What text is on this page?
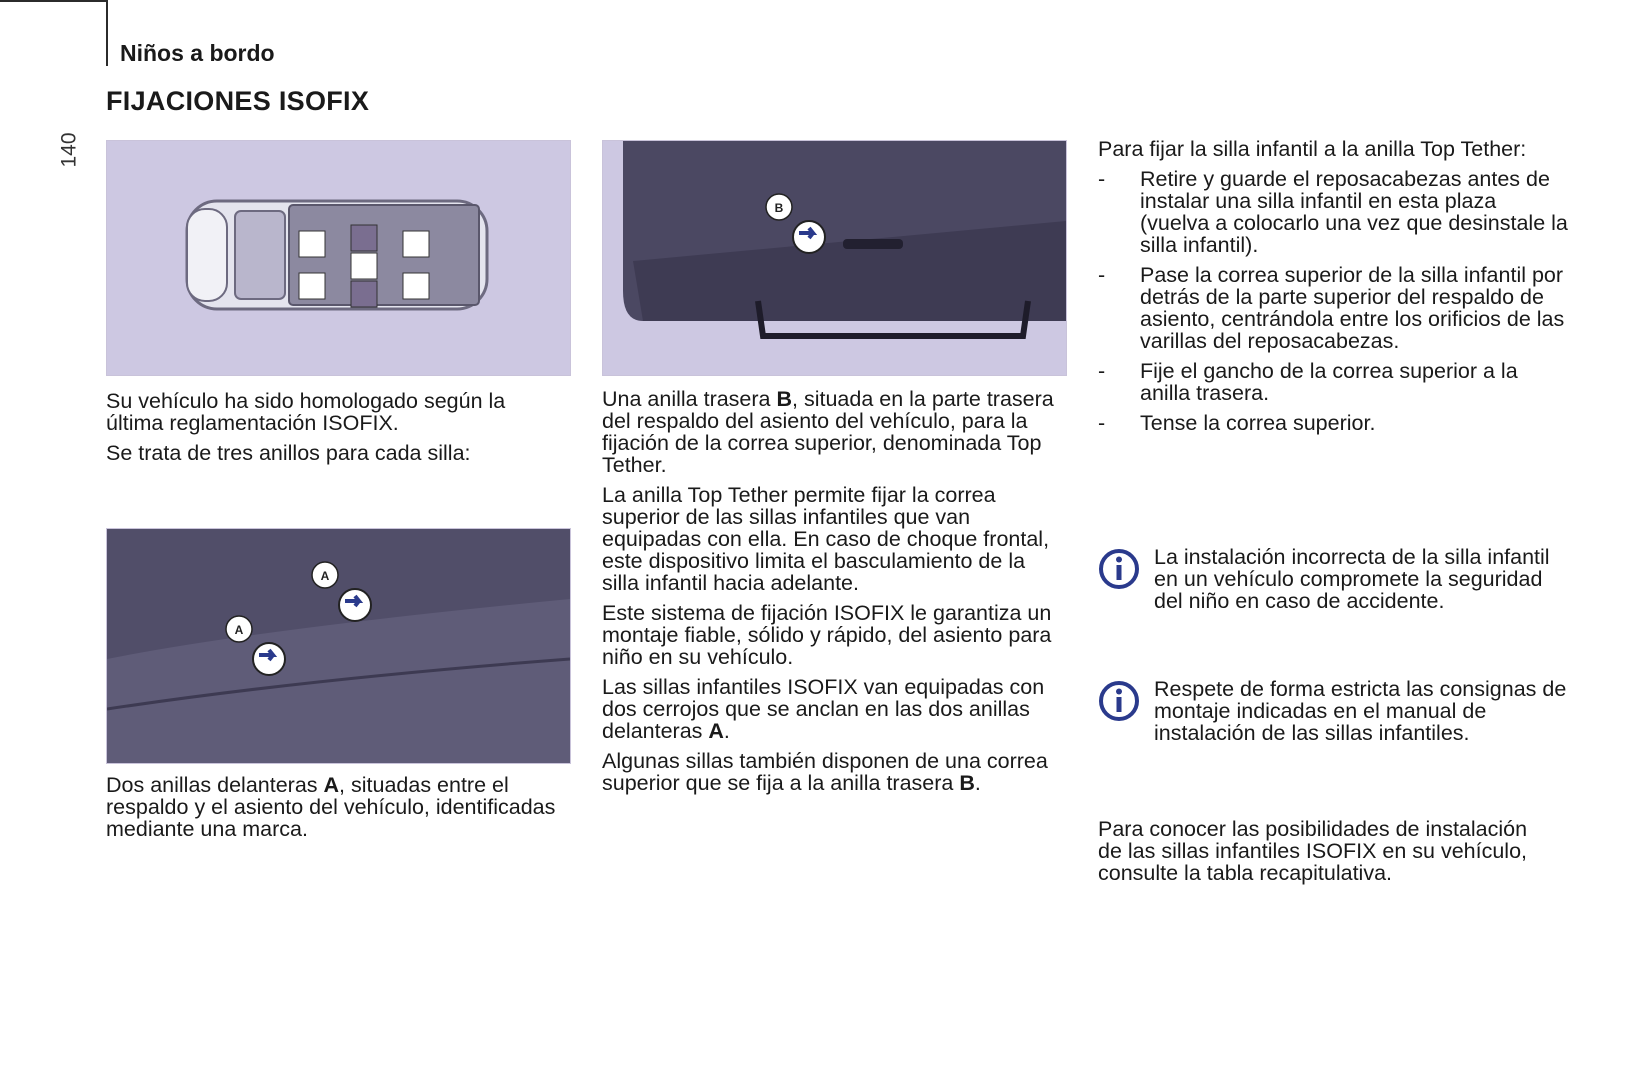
Niños a bordo
FIJACIONES ISOFIX
140
B
A
A

Su vehículo ha sido homologado según la última reglamentación ISOFIX.

Se trata de tres anillos para cada silla:

Dos anillas delanteras A, situadas entre el respaldo y el asiento del vehículo, identificadas mediante una marca.

Una anilla trasera B, situada en la parte trasera del respaldo del asiento del vehículo, para la fijación de la correa superior, denominada Top Tether.

La anilla Top Tether permite fijar la correa superior de las sillas infantiles que van equipadas con ella. En caso de choque frontal, este dispositivo limita el basculamiento de la silla infantil hacia adelante.

Este sistema de fijación ISOFIX le garantiza un montaje fiable, sólido y rápido, del asiento para niño en su vehículo.

Las sillas infantiles ISOFIX van equipadas con dos cerrojos que se anclan en las dos anillas delanteras A.

Algunas sillas también disponen de una correa superior que se fija a la anilla trasera B.

Para fijar la silla infantil a la anilla Top Tether:

- Retire y guarde el reposacabezas antes de instalar una silla infantil en esta plaza (vuelva a colocarlo una vez que desinstale la silla infantil).
- Pase la correa superior de la silla infantil por detrás de la parte superior del respaldo de asiento, centrándola entre los orificios de las varillas del reposacabezas.
- Fije el gancho de la correa superior a la anilla trasera.
- Tense la correa superior.
La instalación incorrecta de la silla infantil en un vehículo compromete la seguridad del niño en caso de accidente.
Respete de forma estricta las consignas de montaje indicadas en el manual de instalación de las sillas infantiles.
Para conocer las posibilidades de instalación de las sillas infantiles ISOFIX en su vehículo, consulte la tabla recapitulativa.
